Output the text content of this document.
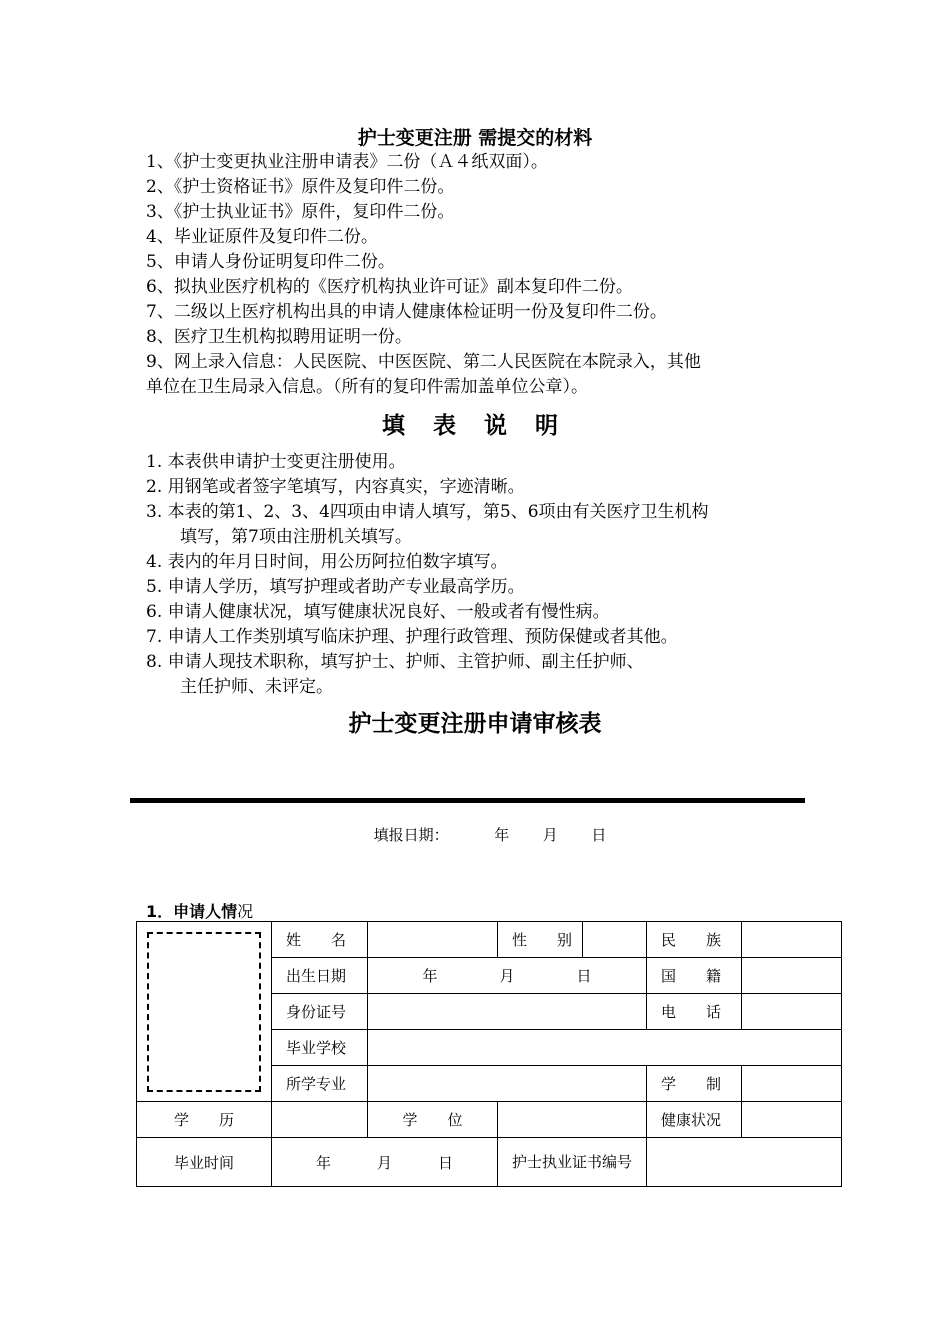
护士变更注册 需提交的材料
1、《护士变更执业注册申请表》二份（Ａ４纸双面）。
2、《护士资格证书》原件及复印件二份。
3、《护士执业证书》原件，复印件二份。
4、毕业证原件及复印件二份。
5、申请人身份证明复印件二份。
6、拟执业医疗机构的《医疗机构执业许可证》副本复印件二份。
7、二级以上医疗机构出具的申请人健康体检证明一份及复印件二份。
8、医疗卫生机构拟聘用证明一份。
9、网上录入信息：人民医院、中医医院、第二人民医院在本院录入，其他
单位在卫生局录入信息。（所有的复印件需加盖单位公章）。
填 表 说 明
1. 本表供申请护士变更注册使用。
2. 用钢笔或者签字笔填写，内容真实，字迹清晰。
3. 本表的第1、2、3、4四项由申请人填写，第5、6项由有关医疗卫生机构
填写，第7项由注册机关填写。
4. 表内的年月日时间，用公历阿拉伯数字填写。
5. 申请人学历，填写护理或者助产专业最高学历。
6. 申请人健康状况，填写健康状况良好、一般或者有慢性病。
7. 申请人工作类别填写临床护理、护理行政管理、预防保健或者其他。
8. 申请人现技术职称，填写护士、护师、主管护师、副主任护师、
主任护师、未评定。
护士变更注册申请审核表
填报日期：	年 月 日
1．申请人情况
	姓　　名		性　　别		民　　族	
	出生日期	年 月 日			国　　籍	
	身份证号				电　　话	
	毕业学校					
	所学专业				学　　制	
学　　历		学　　位			健康状况	
毕业时间	年 月 日		护士执业证书编号			
